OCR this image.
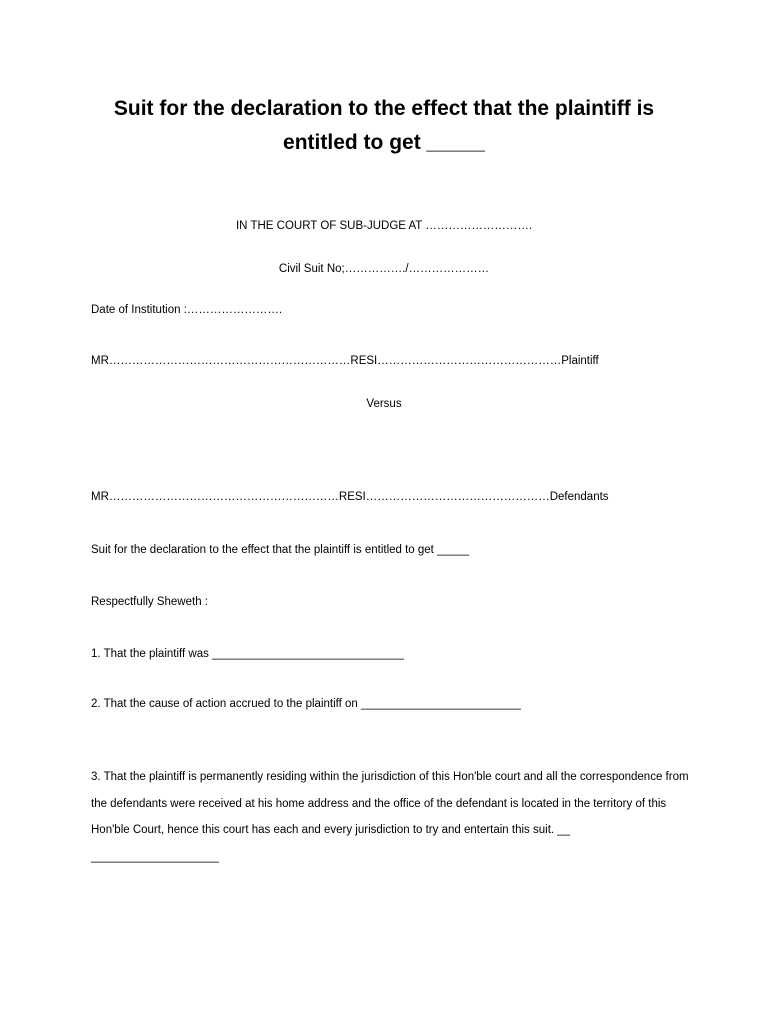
Suit for the declaration to the effect that the plaintiff is
entitled to get _____
IN THE COURT OF SUB-JUDGE AT ……………………….
Civil Suit No;……………./…………………
Date of Institution :…………………….
MR………………………………………………………RESI…………………………………………Plaintiff
Versus
MR……………………………………………………RESI…………………………………………Defendants
Suit for the declaration to the effect that the plaintiff is entitled to get _____
Respectfully Sheweth :
1. That the plaintiff was ______________________________
2. That the cause of action accrued to the plaintiff on _________________________
3. That the plaintiff is permanently residing within the jurisdiction of this Hon'ble court and all the correspondence from the defendants were received at his home address and the office of the defendant is located in the territory of this Hon'ble Court, hence this court has each and every jurisdiction to try and entertain this suit. __ ____________________
